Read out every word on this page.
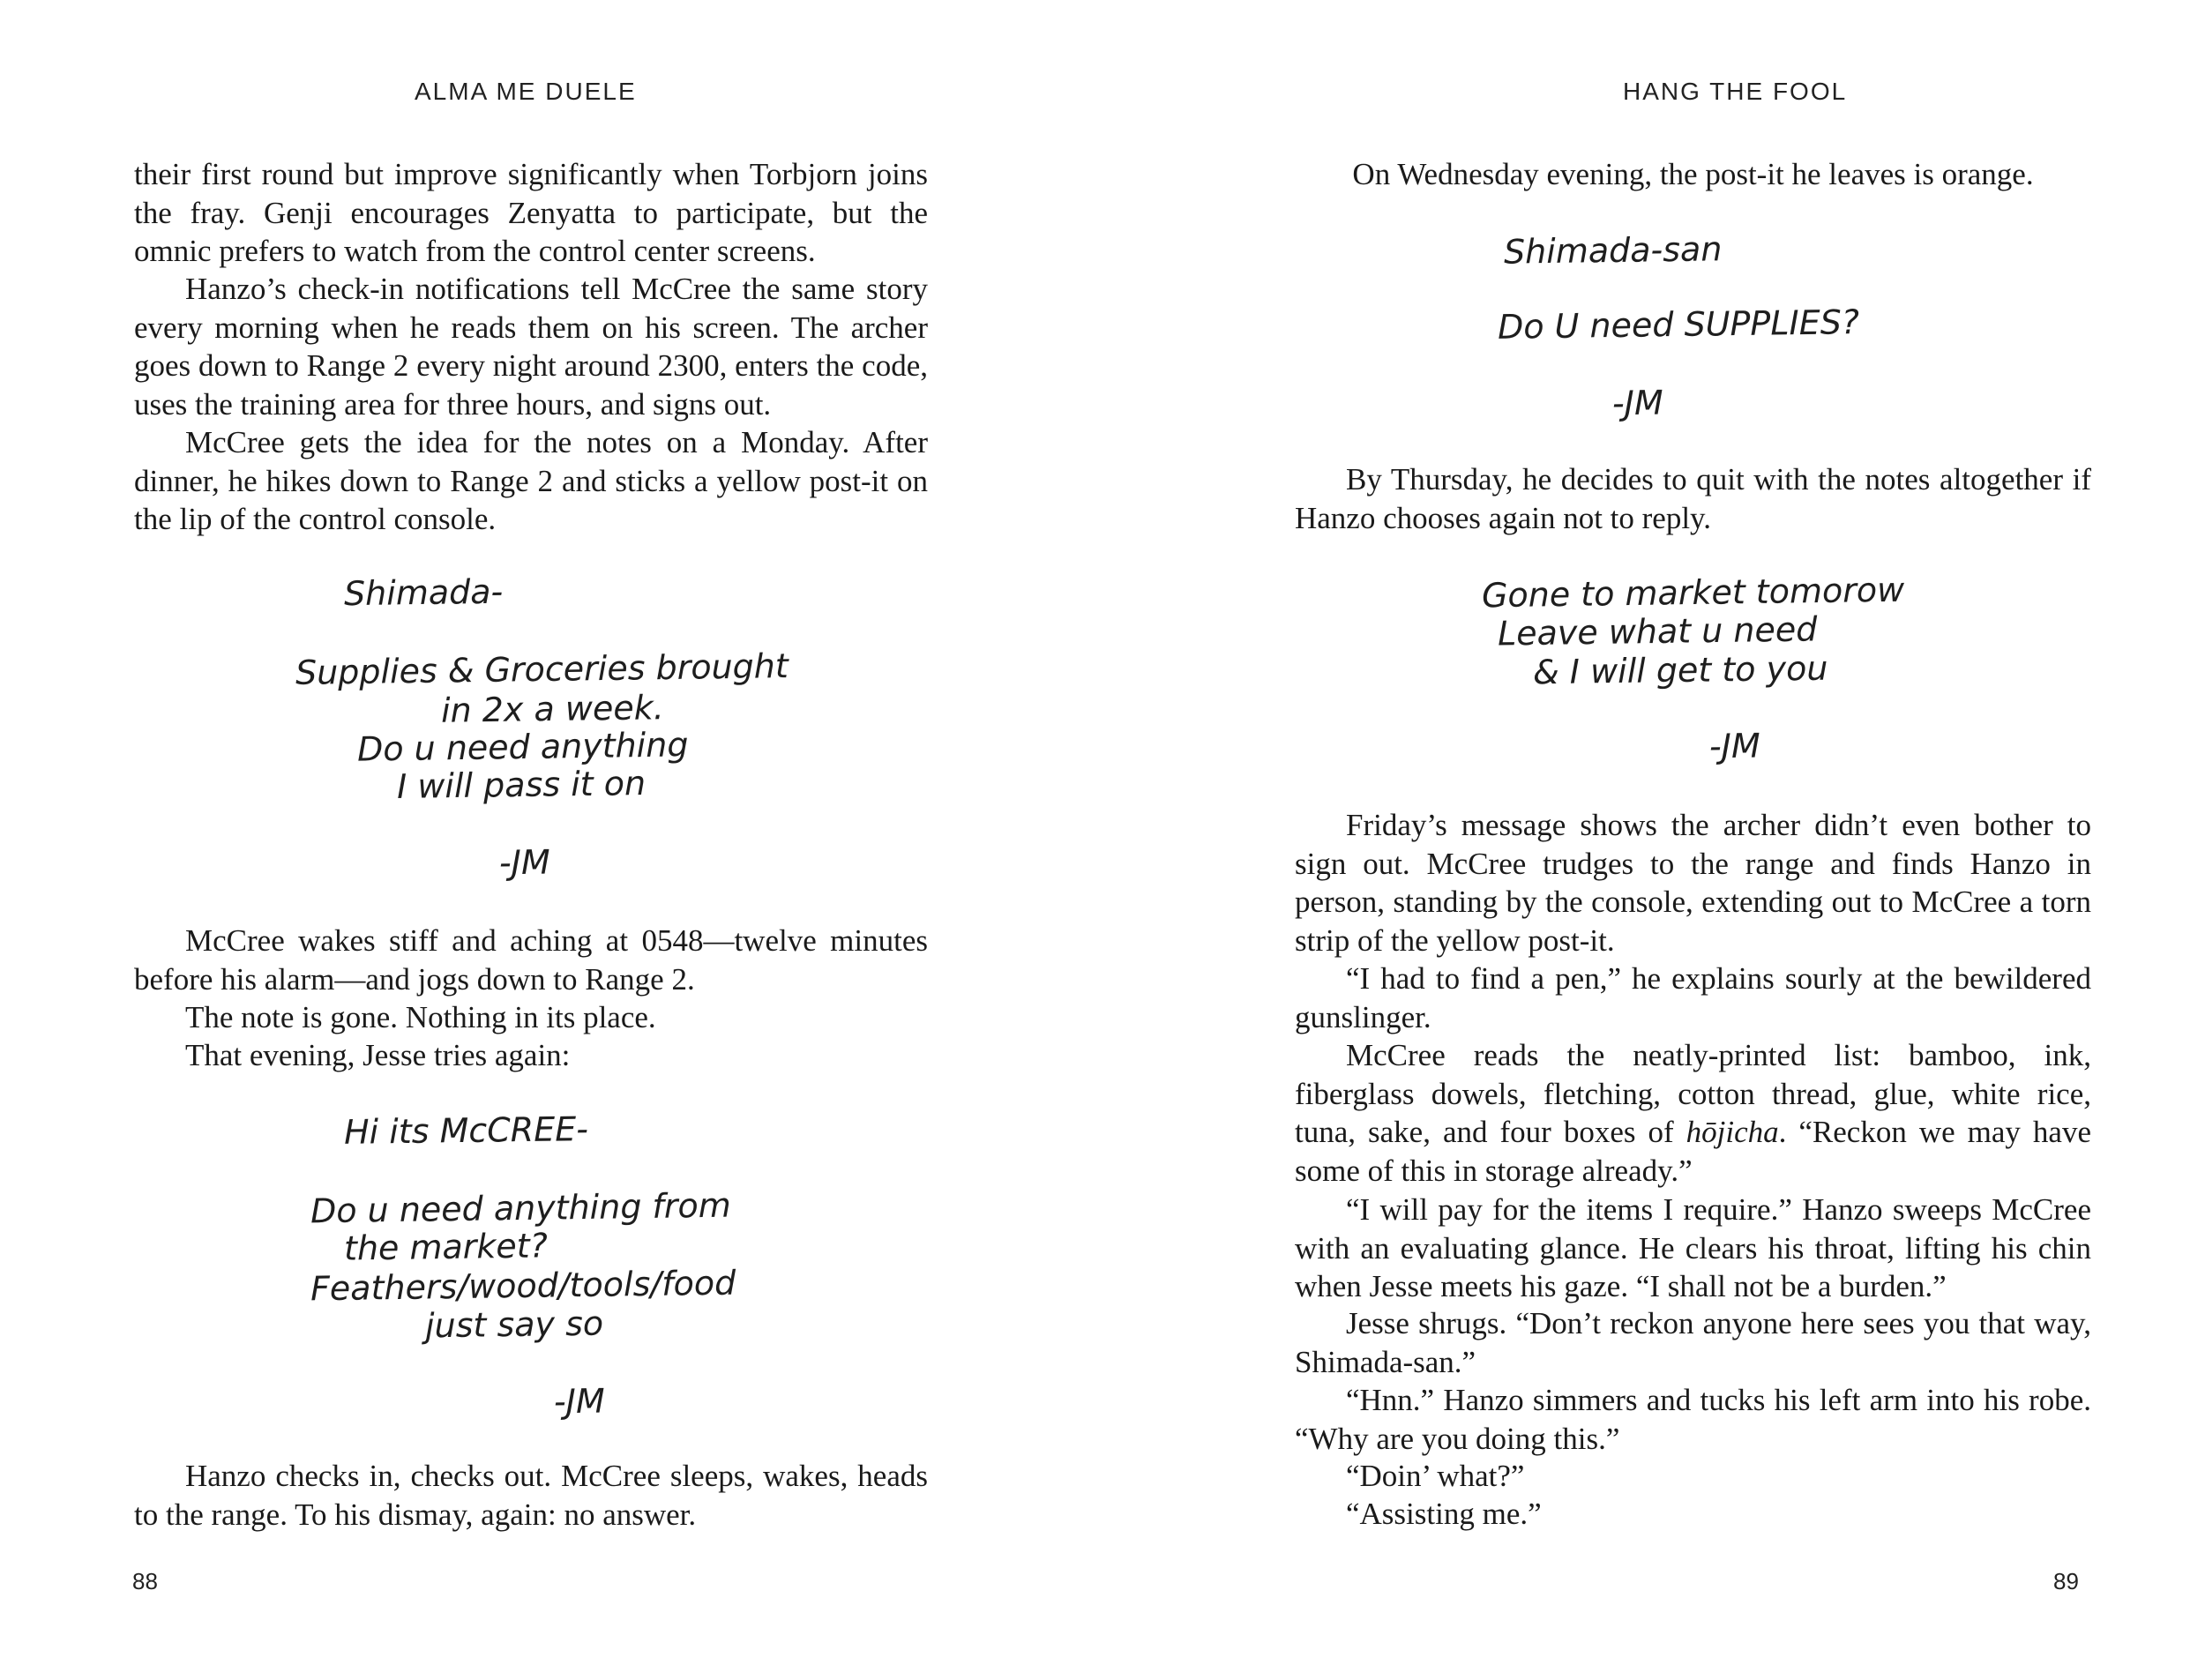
ALMA ME DUELE
their first round but improve significantly when Torbjorn joins the fray. Genji encourages Zenyatta to participate, but the omnic prefers to watch from the control center screens.
Hanzo’s check-in notifications tell McCree the same story every morning when he reads them on his screen. The archer goes down to Range 2 every night around 2300, enters the code, uses the training area for three hours, and signs out.
McCree gets the idea for the notes on a Monday. After dinner, he hikes down to Range 2 and sticks a yellow post-it on the lip of the control console.
Shimada-
Supplies & Groceries brought
in 2x a week.
Do u need anything
I will pass it on
-JM
McCree wakes stiff and aching at 0548—twelve minutes before his alarm—and jogs down to Range 2.
The note is gone. Nothing in its place.
That evening, Jesse tries again:
Hi its McCREE-
Do u need anything from
the market?
Feathers/wood/tools/food
just say so
-JM
Hanzo checks in, checks out. McCree sleeps, wakes, heads to the range. To his dismay, again: no answer.
88
HANG THE FOOL
On Wednesday evening, the post-it he leaves is orange.
Shimada-san
Do U need SUPPLIES?
-JM
By Thursday, he decides to quit with the notes altogether if Hanzo chooses again not to reply.
Gone to market tomorow
Leave what u need
& I will get to you
-JM
Friday’s message shows the archer didn’t even bother to sign out. McCree trudges to the range and finds Hanzo in person, standing by the console, extending out to McCree a torn strip of the yellow post-it.
“I had to find a pen,” he explains sourly at the bewildered gunslinger.
McCree reads the neatly-printed list: bamboo, ink, fiberglass dowels, fletching, cotton thread, glue, white rice, tuna, sake, and four boxes of hōjicha. “Reckon we may have some of this in storage already.”
“I will pay for the items I require.” Hanzo sweeps McCree with an evaluating glance. He clears his throat, lifting his chin when Jesse meets his gaze. “I shall not be a burden.”
Jesse shrugs. “Don’t reckon anyone here sees you that way, Shimada-san.”
“Hnn.” Hanzo simmers and tucks his left arm into his robe. “Why are you doing this.”
“Doin’ what?”
“Assisting me.”
89
